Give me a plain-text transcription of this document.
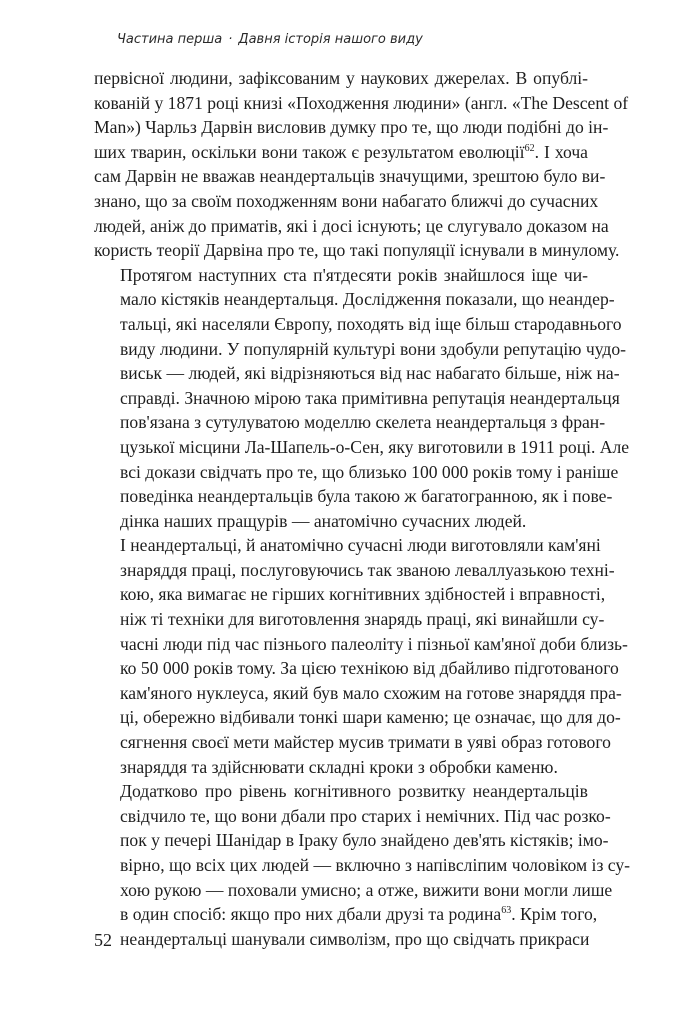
Частина перша · Давня історія нашого виду

первісної людини, зафіксованим у наукових джерелах. В опублі-
кованій у 1871 році книзі «Походження людини» (англ. «The Descent of
Man») Чарльз Дарвін висловив думку про те, що люди подібні до ін-
ших тварин, оскільки вони також є результатом еволюції$^{62}$. І хоча
сам Дарвін не вважав неандертальців значущими, зрештою було ви-
знано, що за своїм походженням вони набагато ближчі до сучасних
людей, аніж до приматів, які і досі існують; це слугувало доказом на
користь теорії Дарвіна про те, що такі популяції існували в минулому.

Протягом наступних ста п'ятдесяти років знайшлося іще чи-
мало кістяків неандертальця. Дослідження показали, що неандер-
тальці, які населяли Європу, походять від іще більш стародавнього
виду людини. У популярній культурі вони здобули репутацію чудо-
виськ — людей, які відрізняються від нас набагато більше, ніж на-
справді. Значною мірою така примітивна репутація неандертальця
пов'язана з сутулуватою моделлю скелета неандертальця з фран-
цузької місцини Ла-Шапель-о-Сен, яку виготовили в 1911 році. Але
всі докази свідчать про те, що близько 100 000 років тому і раніше
поведінка неандертальців була такою ж багатогранною, як і пове-
дінка наших пращурів — анатомічно сучасних людей.

І неандертальці, й анатомічно сучасні люди виготовляли кам'яні
знаряддя праці, послуговуючись так званою леваллуазькою техні-
кою, яка вимагає не гірших когнітивних здібностей і вправності,
ніж ті техніки для виготовлення знарядь праці, які винайшли су-
часні люди під час пізнього палеоліту і пізньої кам'яної доби близь-
ко 50 000 років тому. За цією технікою від дбайливо підготованого
кам'яного нуклеуса, який був мало схожим на готове знаряддя пра-
ці, обережно відбивали тонкі шари каменю; це означає, що для до-
сягнення своєї мети майстер мусив тримати в уяві образ готового
знаряддя та здійснювати складні кроки з обробки каменю.

Додатково про рівень когнітивного розвитку неандертальців
свідчило те, що вони дбали про старих і немічних. Під час розко-
пок у печері Шанідар в Іраку було знайдено дев'ять кістяків; імо-
вірно, що всіх цих людей — включно з напівсліпим чоловіком із су-
хою рукою — поховали умисно; а отже, вижити вони могли лише
в один спосіб: якщо про них дбали друзі та родина$^{63}$. Крім того,
неандертальці шанували символізм, про що свідчать прикраси

52
